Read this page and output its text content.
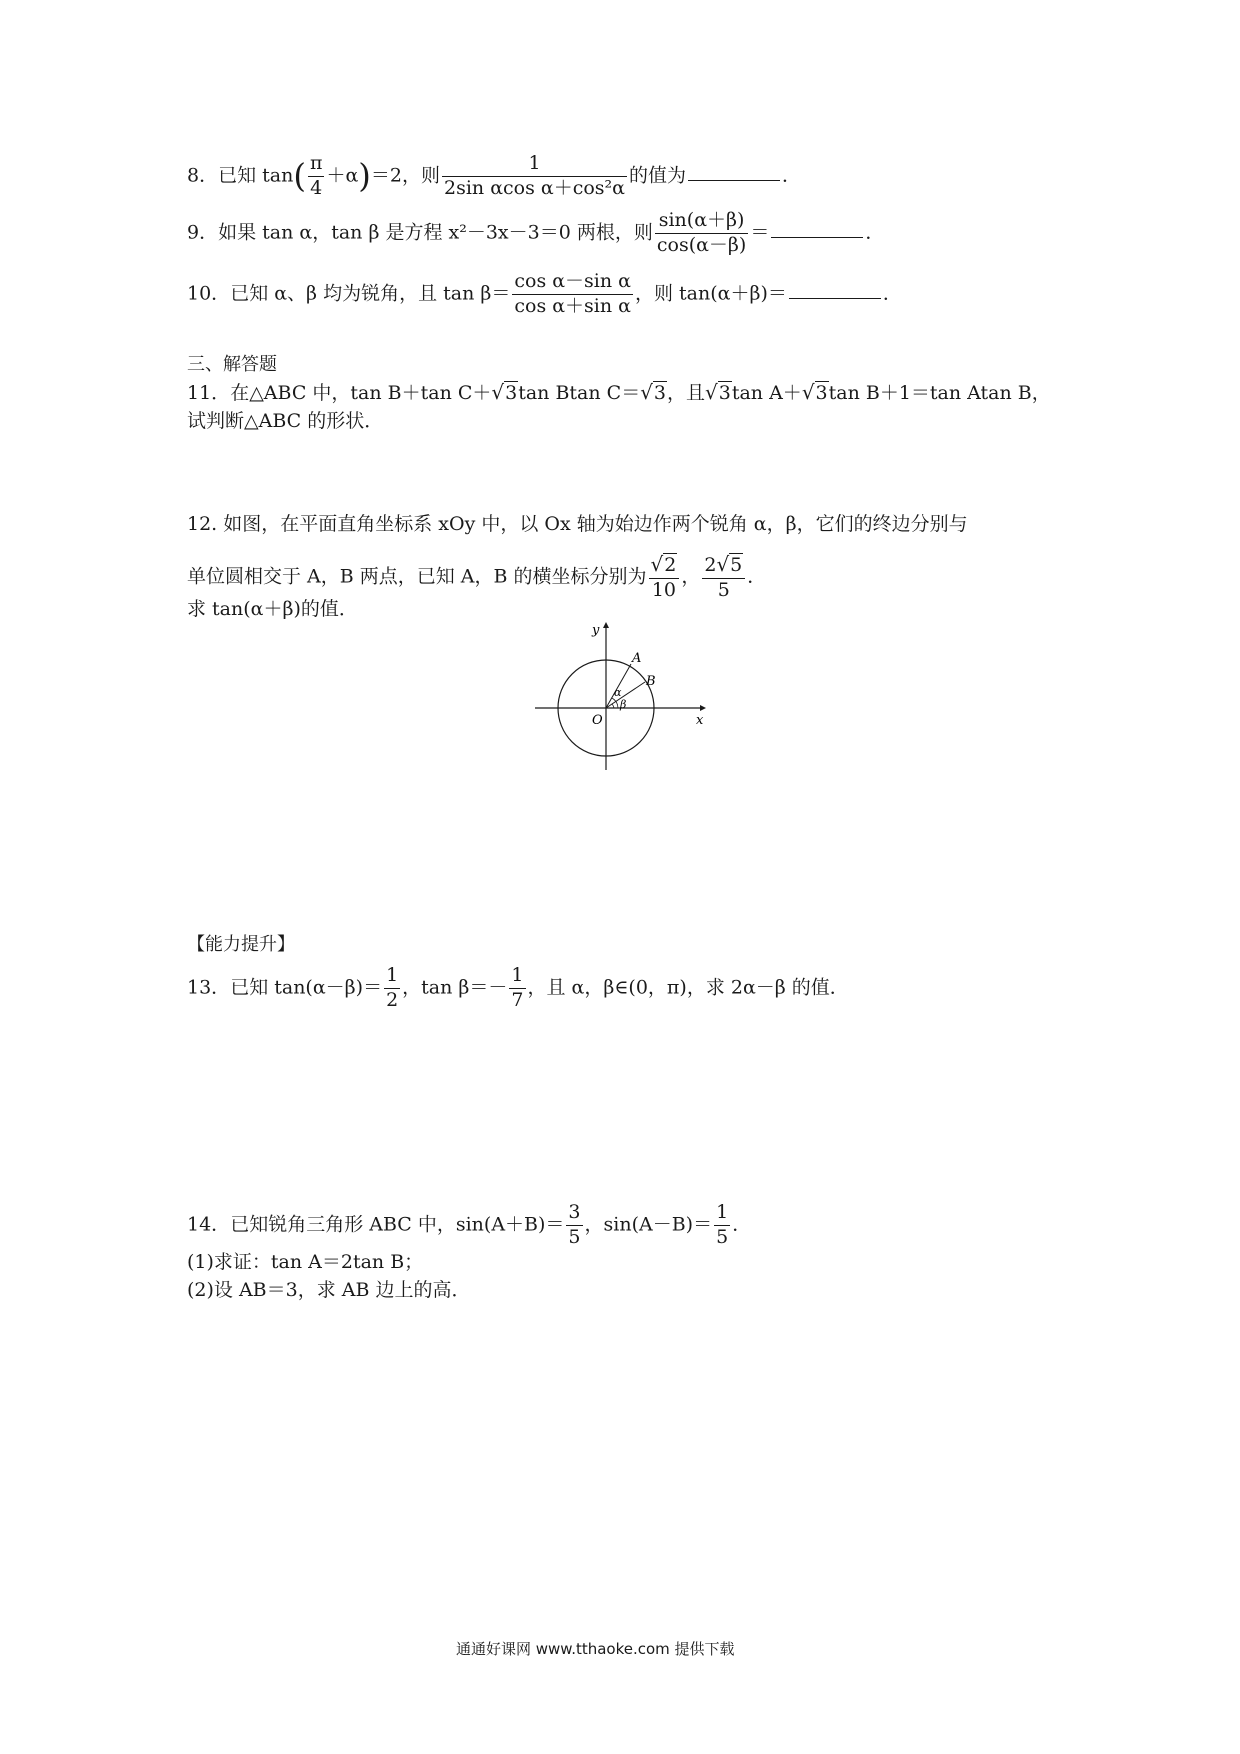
8．已知 $\tan( \frac{\pi}{4} +\alpha)=2$，则 $\frac{1}{\text{2sin αcos α＋cos²α}}$ 的值为	．
9．如果 tan α，tan β 是方程 x²－3x－3＝0 两根，则 $\frac{\sin(\alpha+\beta)}{\cos(\alpha-\beta)}$ ＝	．
10．已知 α、β 均为锐角，且 $\tan \beta= \frac{\text{cos α－sin α}}{\text{cos α＋sin α}}$ ，则 tan(α＋β)＝	．
三、解答题
11．在△ABC 中，tan B＋tan C＋√3tan Btan C＝√3，且√3tan A＋√3tan B＋1＝tan Atan B，
试判断△ABC 的形状．
12. 如图，在平面直角坐标系 xOy 中，以 Ox 轴为始边作两个锐角 α，β，它们的终边分别与
单位圆相交于 A，B 两点，已知 A，B 的横坐标分别为 $\frac{√2}{10}$ ， $\frac{2√5}{5}$ ．
求 tan(α＋β)的值．
y
x
O
A
B
α
β
【能力提升】
13．已知 $\tan(\alpha-\beta)= \frac{1}{2}$ ，$\tan \beta=- \frac{1}{7}$ ，且 α，β∈(0，π)，求 2α－β 的值．
14．已知锐角三角形 ABC 中，$\sin(A+B)= \frac{3}{5}$ ，$\sin(A-B)= \frac{1}{5}$ ．
(1)求证：tan A＝2tan B；
(2)设 AB＝3，求 AB 边上的高．
通通好课网 www.tthaoke.com 提供下载
